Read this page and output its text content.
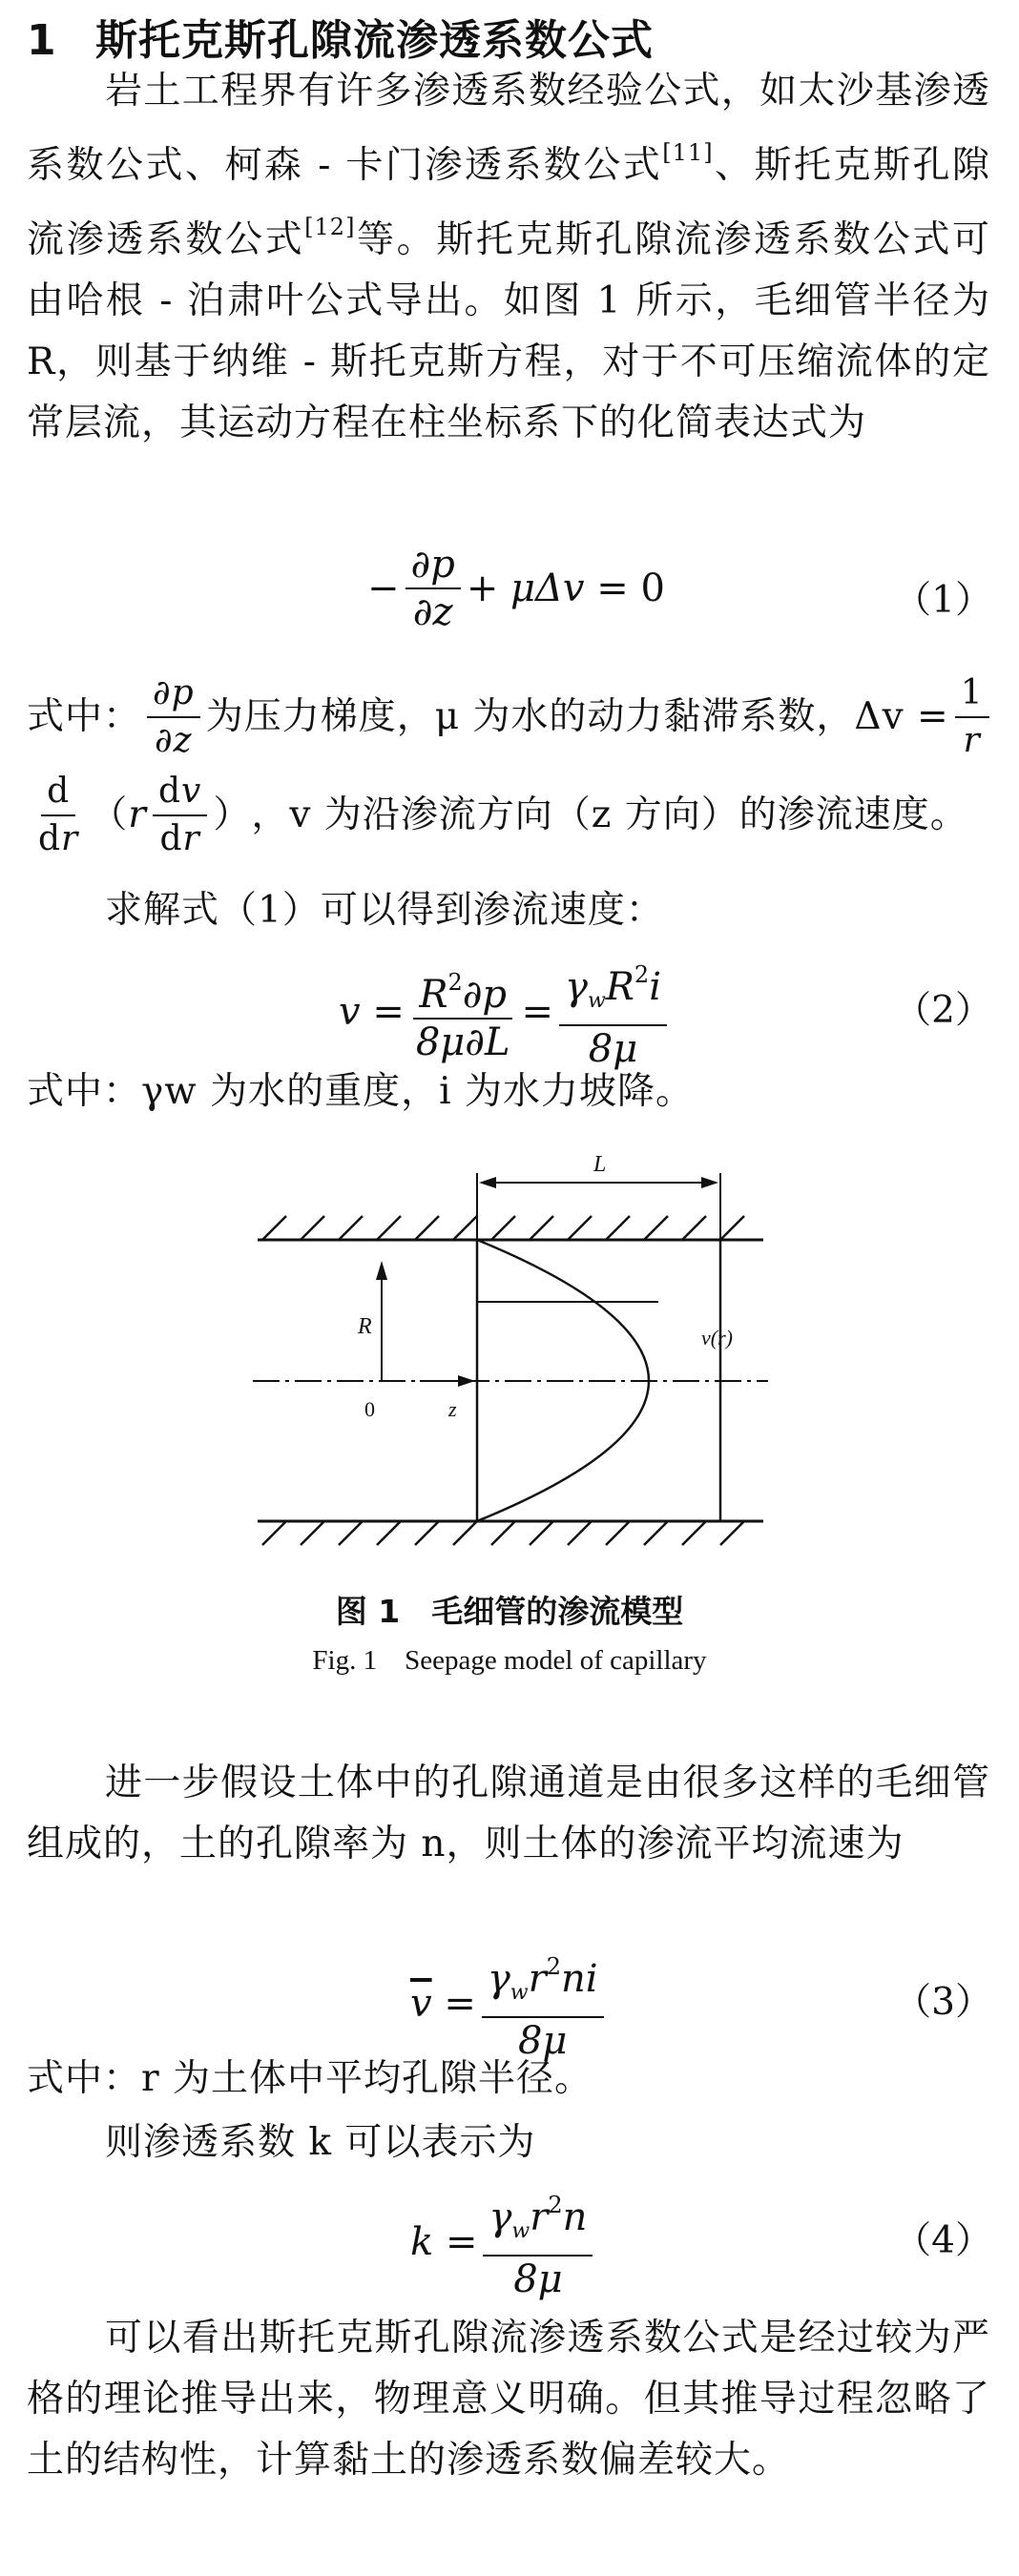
1 斯托克斯孔隙流渗透系数公式
岩土工程界有许多渗透系数经验公式，如太沙基渗透系数公式、柯森 - 卡门渗透系数公式[11]、斯托克斯孔隙流渗透系数公式[12]等。斯托克斯孔隙流渗透系数公式可由哈根 - 泊肃叶公式导出。如图 1 所示，毛细管半径为 R，则基于纳维 - 斯托克斯方程，对于不可压缩流体的定常层流，其运动方程在柱坐标系下的化简表达式为
− $\frac{\partial p}{\partial z} + \mu\Delta v = 0$	（1）
式中： $\frac{\partial p}{\partial z}$ 为压力梯度，μ 为水的动力黏滞系数，$\Delta v = \frac{1}{r}$
$\frac{d}{dr}$ （ r $\frac{dv}{dr}$ ） ，v 为沿渗流方向（z 方向）的渗流速度。
求解式（1）可以得到渗流速度：
$v = \frac{R^2\partial p}{8\mu\partial L} = \frac{\gamma_wR^2i}{8\mu}$	（2）
式中：γw 为水的重度，i 为水力坡降。
L
v(r)
R
0	z
图 1　毛细管的渗流模型
Fig. 1　Seepage model of capillary
进一步假设土体中的孔隙通道是由很多这样的毛细管组成的，土的孔隙率为 n，则土体的渗流平均流速为
$\overline{v}$
= $\frac{\gamma_wr^2ni}{8\mu}$	（3）
式中：r 为土体中平均孔隙半径。
则渗透系数 k 可以表示为
$k = \frac{\gamma_wr^2n}{8\mu}$	（4）
可以看出斯托克斯孔隙流渗透系数公式是经过较为严格的理论推导出来，物理意义明确。但其推导过程忽略了土的结构性，计算黏土的渗透系数偏差较大。
